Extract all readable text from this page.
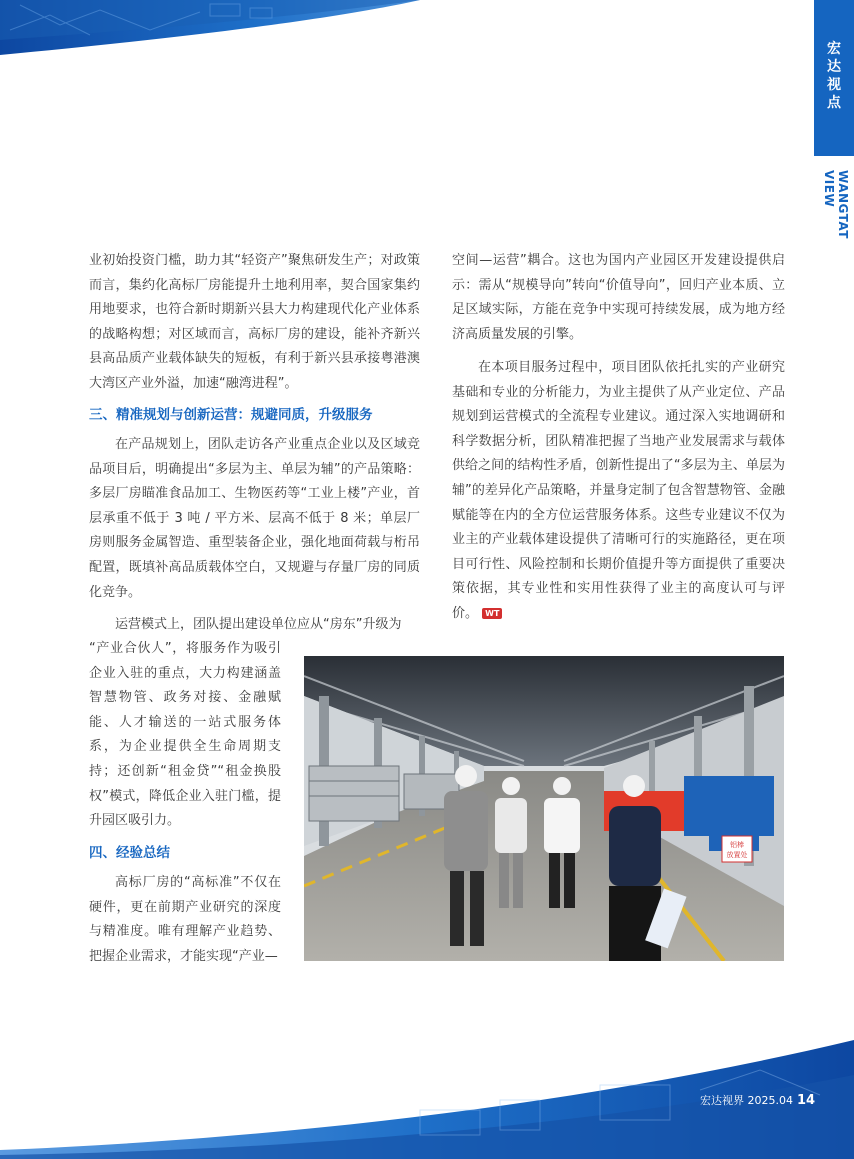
宏达视点
WANGTAT VIEW
业初始投资门槛，助力其“轻资产”聚焦研发生产；对政策而言，集约化高标厂房能提升土地利用率，契合国家集约用地要求，也符合新时期新兴县大力构建现代化产业体系的战略构想；对区域而言，高标厂房的建设，能补齐新兴县高品质产业载体缺失的短板，有利于新兴县承接粤港澳大湾区产业外溢，加速“融湾进程”。
三、精准规划与创新运营：规避同质，升级服务
在产品规划上，团队走访各产业重点企业以及区域竞品项目后，明确提出“多层为主、单层为辅”的产品策略：多层厂房瞄准食品加工、生物医药等“工业上楼”产业，首层承重不低于 3 吨 / 平方米、层高不低于 8 米；单层厂房则服务金属智造、重型装备企业，强化地面荷载与桁吊配置，既填补高品质载体空白，又规避与存量厂房的同质化竞争。
运营模式上，团队提出建设单位应从“房东”升级为
“产业合伙人”，将服务作为吸引企业入驻的重点，大力构建涵盖智慧物管、政务对接、金融赋能、人才输送的一站式服务体系，为企业提供全生命周期支持；还创新“租金贷”“租金换股权”模式，降低企业入驻门槛，提升园区吸引力。
四、经验总结
高标厂房的“高标准”不仅在硬件，更在前期产业研究的深度与精准度。唯有理解产业趋势、把握企业需求，才能实现“产业—
空间—运营”耦合。这也为国内产业园区开发建设提供启示：需从“规模导向”转向“价值导向”，回归产业本质、立足区域实际，方能在竞争中实现可持续发展，成为地方经济高质量发展的引擎。
在本项目服务过程中，项目团队依托扎实的产业研究基础和专业的分析能力，为业主提供了从产业定位、产品规划到运营模式的全流程专业建议。通过深入实地调研和科学数据分析，团队精准把握了当地产业发展需求与载体供给之间的结构性矛盾，创新性提出了“多层为主、单层为辅”的差异化产品策略，并量身定制了包含智慧物管、金融赋能等在内的全方位运营服务体系。这些专业建议不仅为业主的产业载体建设提供了清晰可行的实施路径，更在项目可行性、风险控制和长期价值提升等方面提供了重要决策依据，其专业性和实用性获得了业主的高度认可与评价。 WT
铝棒
放置处
宏达视界 2025.04 14
